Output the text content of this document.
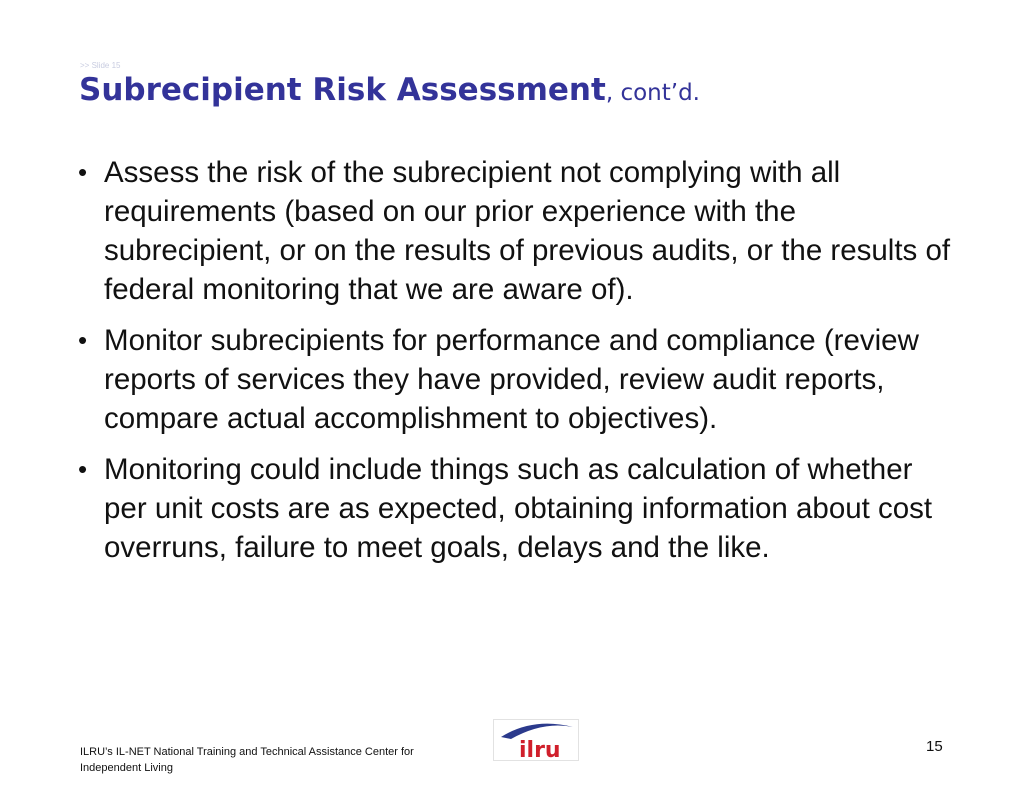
>> Slide 15
Subrecipient Risk Assessment, cont’d.
• Assess the risk of the subrecipient not complying with all requirements (based on our prior experience with the subrecipient, or on the results of previous audits, or the results of federal monitoring that we are aware of).
• Monitor subrecipients for performance and compliance (review reports of services they have provided, review audit reports, compare actual accomplishment to objectives).
• Monitoring could include things such as calculation of whether per unit costs are as expected, obtaining information about cost overruns, failure to meet goals, delays and the like.
ILRU’s IL-NET National Training and Technical Assistance Center for Independent Living
ilru	15
